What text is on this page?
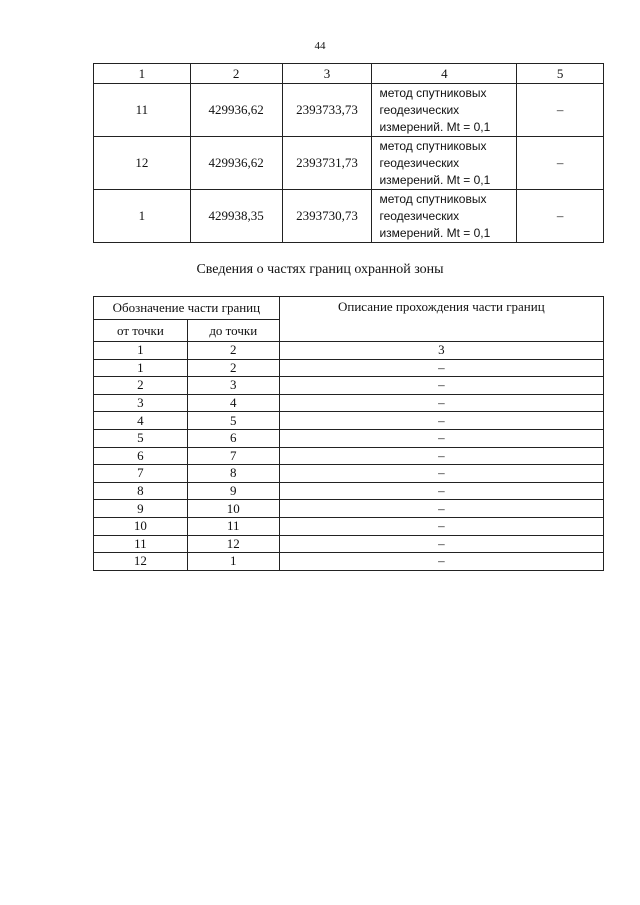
44
1	2	3	4	5
11	429936,62	2393733,73	метод спутниковых
геодезических
измерений. Mt = 0,1	–
12	429936,62	2393731,73	метод спутниковых
геодезических
измерений. Mt = 0,1	–
1	429938,35	2393730,73	метод спутниковых
геодезических
измерений. Mt = 0,1	–
Сведения о частях границ охранной зоны
Обозначение части границ		Описание прохождения части границ
от точки	до точки	
1	2	3
1	2	–
2	3	–
3	4	–
4	5	–
5	6	–
6	7	–
7	8	–
8	9	–
9	10	–
10	11	–
11	12	–
12	1	–
